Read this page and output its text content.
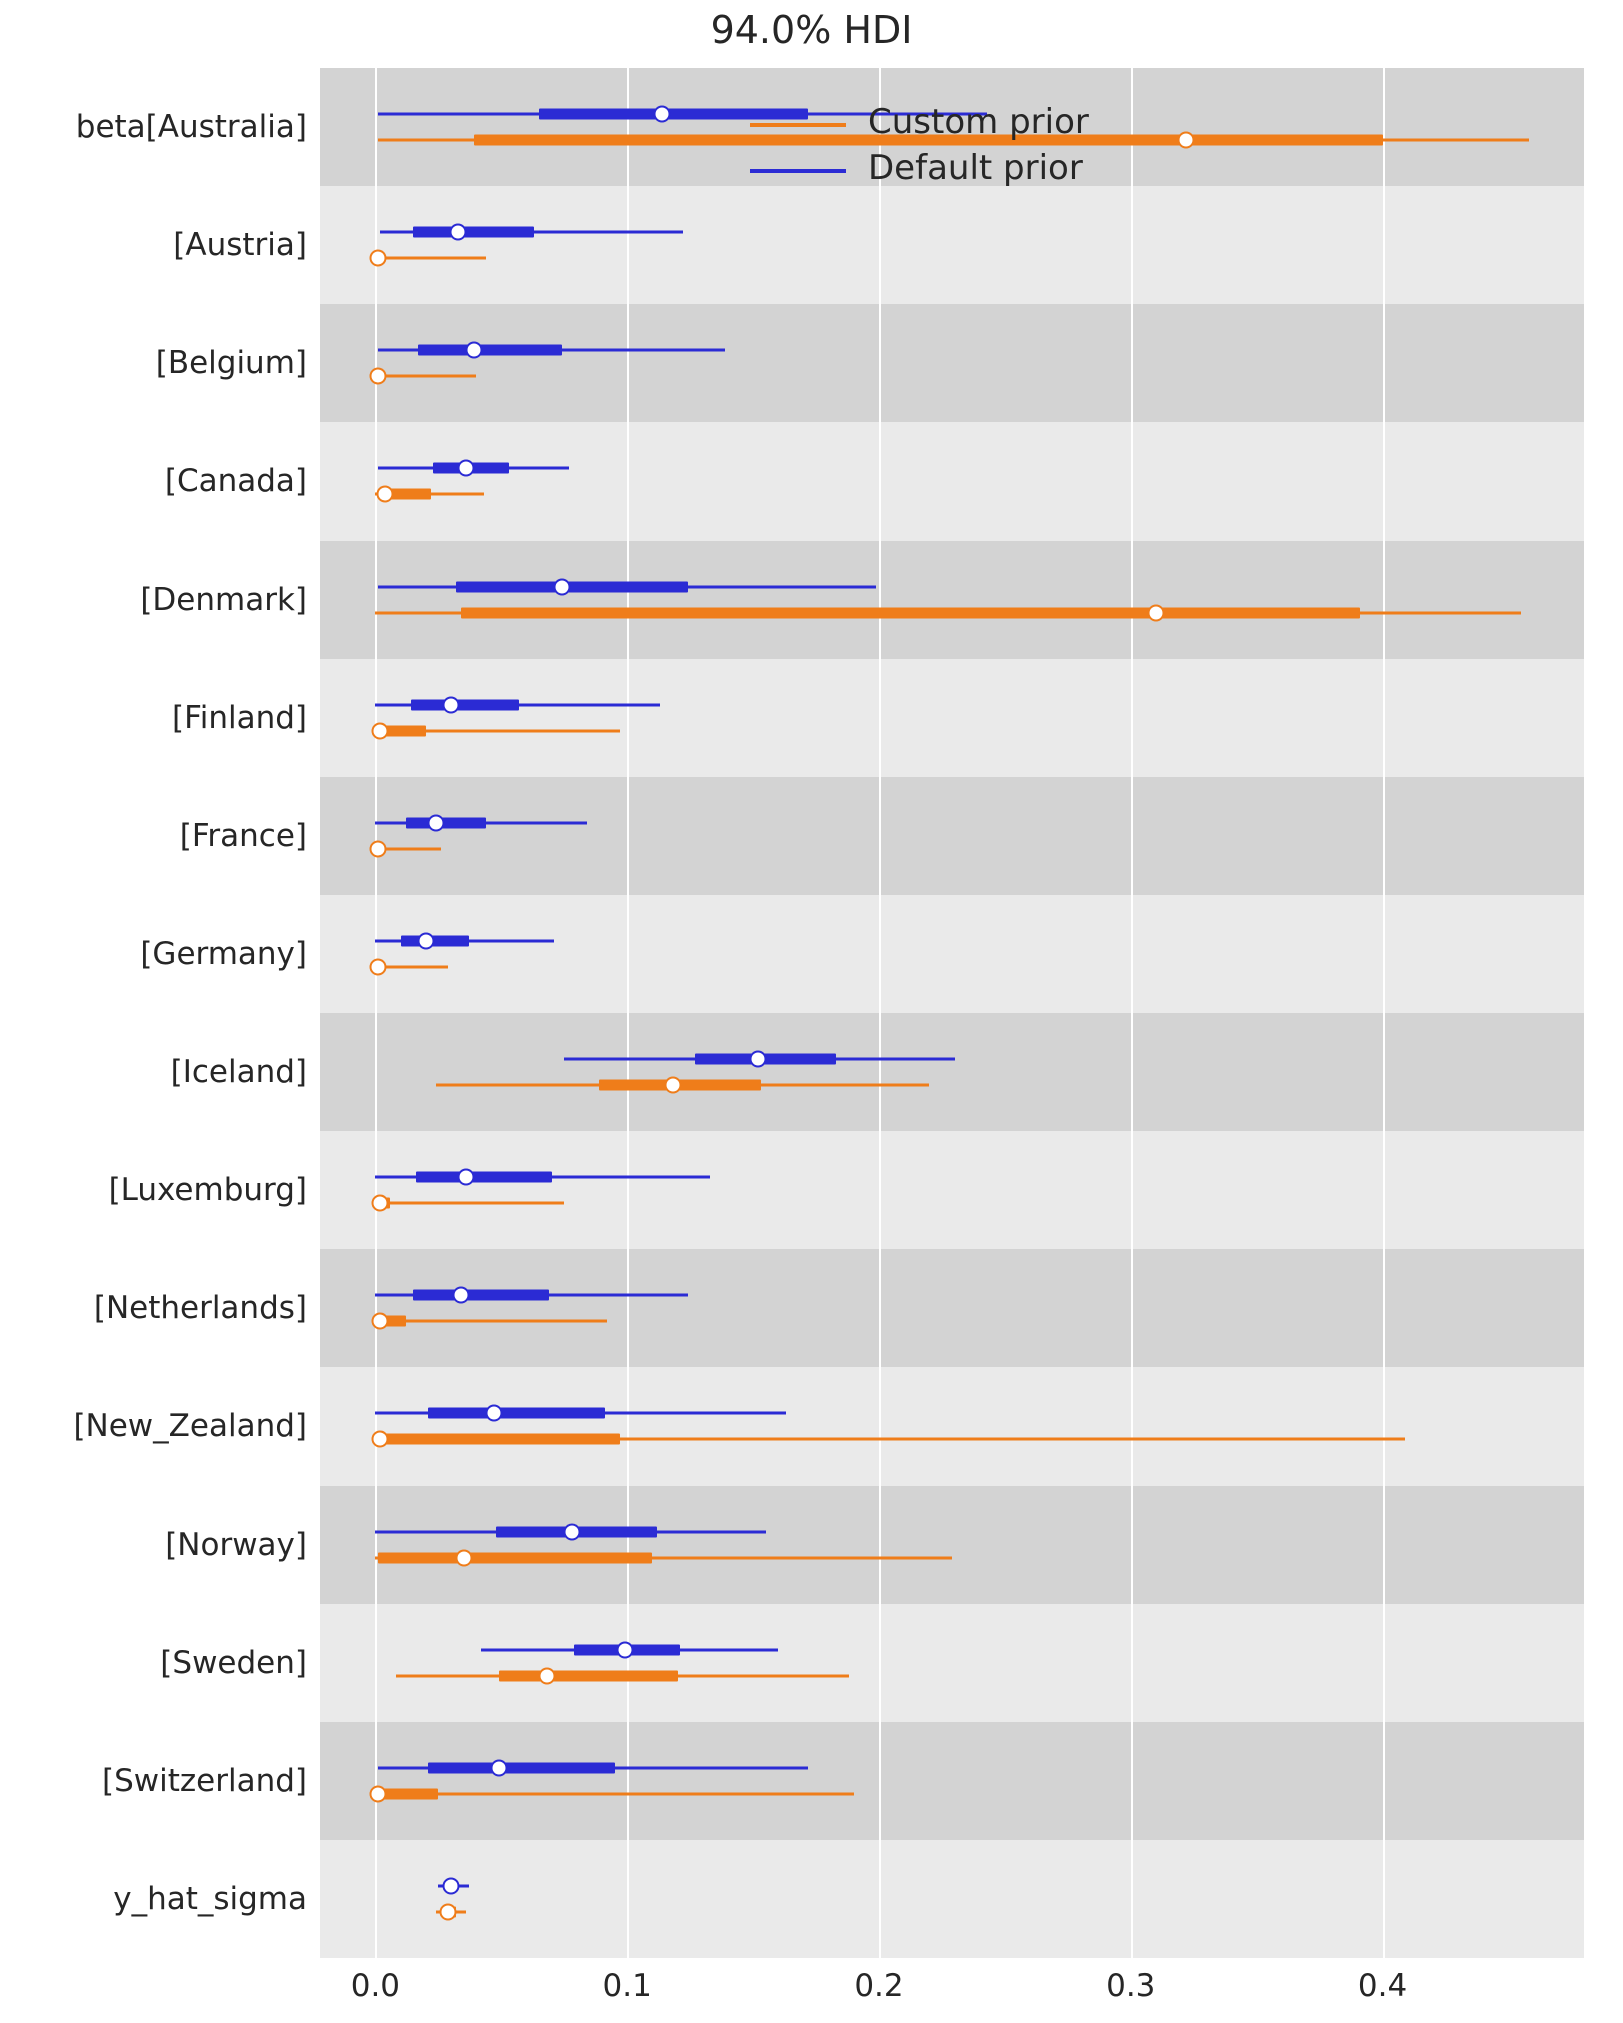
94.0% HDI
Custom prior
Default prior
beta[Australia]
[Austria]
[Belgium]
[Canada]
[Denmark]
[Finland]
[France]
[Germany]
[Iceland]
[Luxemburg]
[Netherlands]
[New_Zealand]
[Norway]
[Sweden]
[Switzerland]
y_hat_sigma
0.0	0.1	0.2	0.3	0.4
